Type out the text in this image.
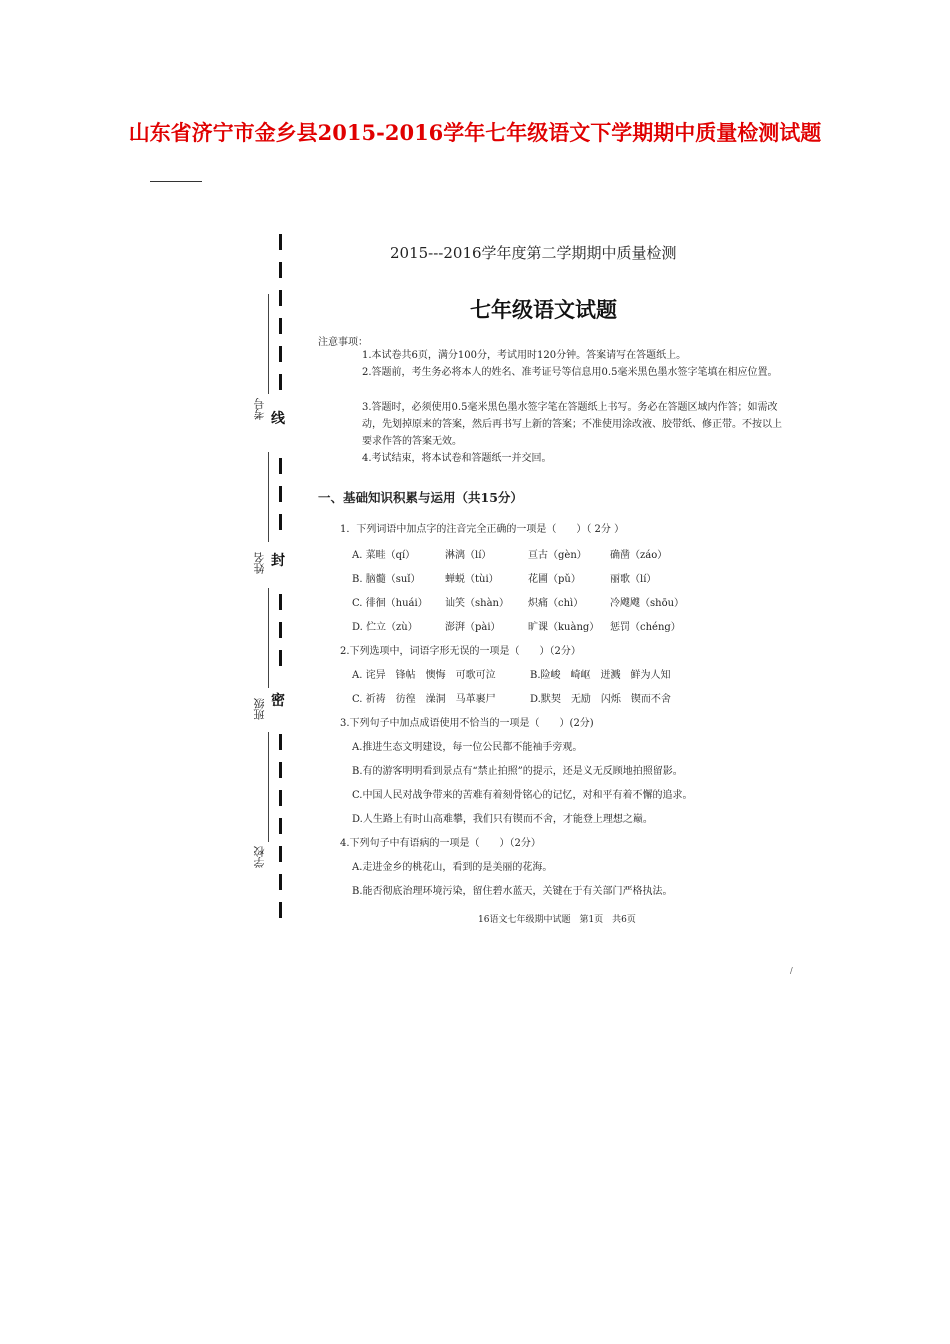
山东省济宁市金乡县2015-2016学年七年级语文下学期期中质量检测试题
线
封
密
考号
姓名
班级
学校
2015---2016学年度第二学期期中质量检测
七年级语文试题
注意事项：
1.本试卷共6页，满分100分，考试用时120分钟。答案请写在答题纸上。
2.答题前，考生务必将本人的姓名、准考证号等信息用0.5毫米黑色墨水签字笔填在相应位置。
3.答题时，必须使用0.5毫米黑色墨水签字笔在答题纸上书写。务必在答题区域内作答；如需改动，先划掉原来的答案，然后再书写上新的答案；不准使用涂改液、胶带纸、修正带。不按以上要求作答的答案无效。
4.考试结束，将本试卷和答题纸一并交回。
一、基础知识积累与运用（共15分）
1．下列词语中加点字的注音完全正确的一项是（　　）（ 2分 ）
A. 菜畦（qí）	淋漓（lí）	亘古（gèn） 确凿（záo）
B. 脑髓（suǐ） 蝉蜕（tùi）	花圃（pǔ）	丽歌（lí）
C. 徘徊（huái） 讪笑（shàn） 炽痛（chì）	冷飕飕（shōu）
D. 伫立（zù）	澎湃（pài）	旷课（kuàng） 惩罚（chéng）
2.下列选项中，词语字形无误的一项是（　　）（2分）
A. 诧异　锋帖　懊悔　可歌可泣	B.险峻　崎岖　迸溅　鲜为人知
C. 祈祷　彷徨　澡洞　马革裹尸	D.默契　无励　闪烁　锲而不舍
3.下列句子中加点成语使用不恰当的一项是（　　）(2分)
A.推进生态文明建设，每一位公民都不能袖手旁观。
B.有的游客明明看到景点有“禁止拍照”的提示，还是义无反顾地拍照留影。
C.中国人民对战争带来的苦难有着刻骨铭心的记忆，对和平有着不懈的追求。
D.人生路上有时山高难攀，我们只有锲而不舍，才能登上理想之巅。
4.下列句子中有语病的一项是（　　）（2分）
A.走进金乡的桃花山，看到的是美丽的花海。
B.能否彻底治理环境污染，留住碧水蓝天，关键在于有关部门严格执法。
16语文七年级期中试题　第1页　共6页
/
